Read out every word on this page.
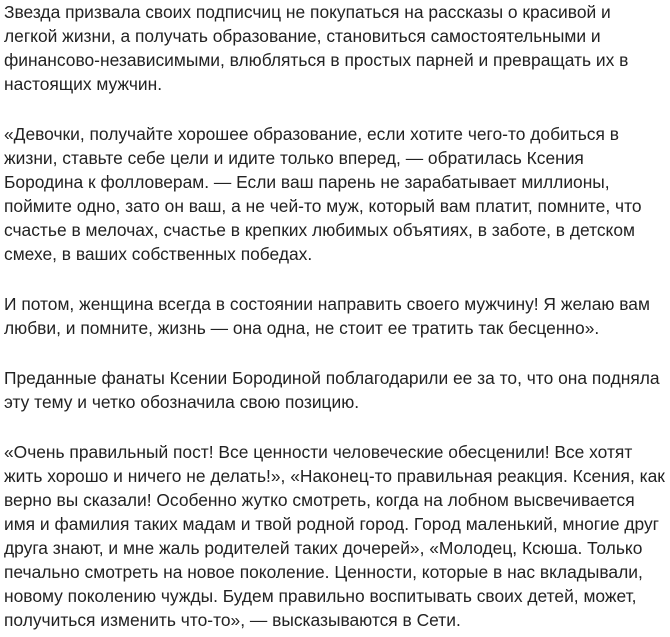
Звезда призвала своих подписчиц не покупаться на рассказы о красивой и легкой жизни, а получать образование, становиться самостоятельными и финансово-независимыми, влюбляться в простых парней и превращать их в настоящих мужчин.

«Девочки, получайте хорошее образование, если хотите чего-то добиться в жизни, ставьте себе цели и идите только вперед, — обратилась Ксения Бородина к фолловерам. — Если ваш парень не зарабатывает миллионы, поймите одно, зато он ваш, а не чей-то муж, который вам платит, помните, что счастье в мелочах, счастье в крепких любимых объятиях, в заботе, в детском смехе, в ваших собственных победах.

И потом, женщина всегда в состоянии направить своего мужчину! Я желаю вам любви, и помните, жизнь — она одна, не стоит ее тратить так бесценно».

Преданные фанаты Ксении Бородиной поблагодарили ее за то, что она подняла эту тему и четко обозначила свою позицию.

«Очень правильный пост! Все ценности человеческие обесценили! Все хотят жить хорошо и ничего не делать!», «Наконец-то правильная реакция. Ксения, как верно вы сказали! Особенно жутко смотреть, когда на лобном высвечивается имя и фамилия таких мадам и твой родной город. Город маленький, многие друг друга знают, и мне жаль родителей таких дочерей», «Молодец, Ксюша. Только печально смотреть на новое поколение. Ценности, которые в нас вкладывали, новому поколению чужды. Будем правильно воспитывать своих детей, может, получиться изменить что-то», — высказываются в Сети.
